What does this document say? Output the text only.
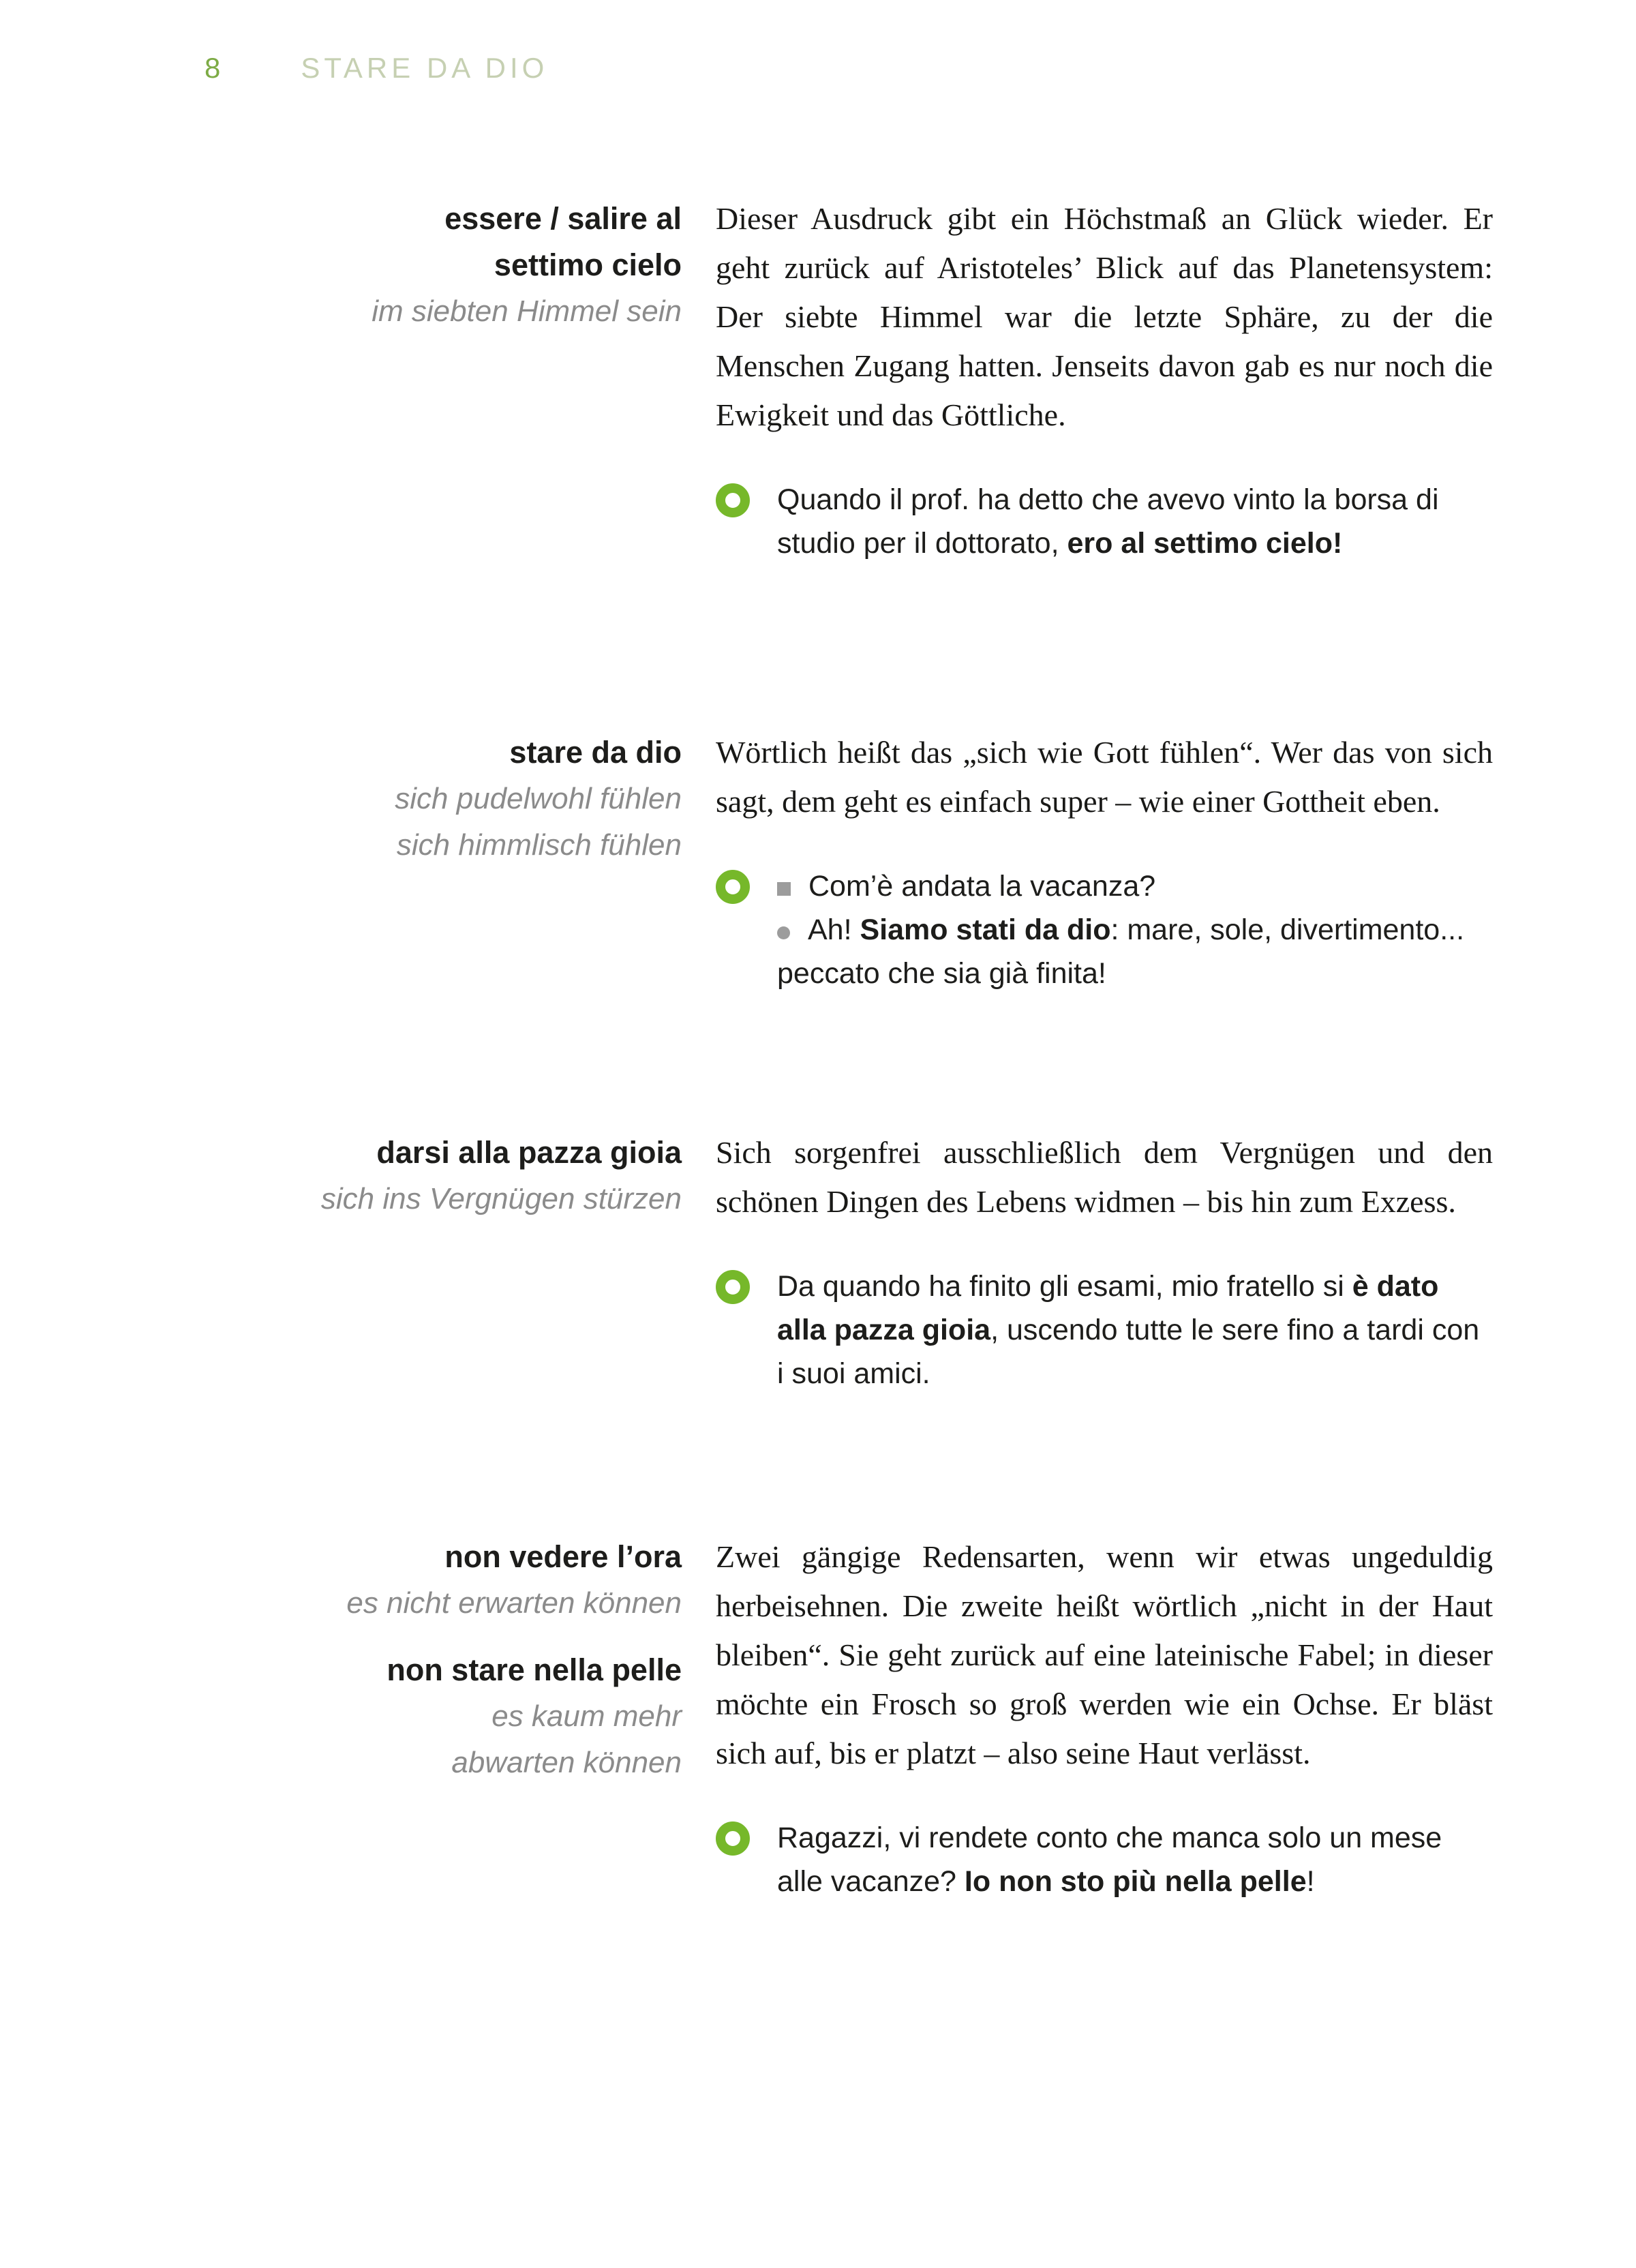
8	STARE DA DIO

essere / salire al

settimo cielo

im siebten Himmel sein

Dieser Ausdruck gibt ein Höchstmaß an Glück wieder. Er geht zurück auf Aristoteles’ Blick auf das Planetensystem: Der siebte Himmel war die letzte Sphäre, zu der die Menschen Zugang hatten. Jenseits davon gab es nur noch die Ewigkeit und das Göttliche.

Quando il prof. ha detto che avevo vinto la borsa di studio per il dottorato, ero al settimo cielo!

stare da dio

sich pudelwohl fühlen

sich himmlisch fühlen

Wörtlich heißt das „sich wie Gott fühlen“. Wer das von sich sagt, dem geht es einfach super – wie einer Gottheit eben.

Com’è andata la vacanza?

Ah! Siamo stati da dio: mare, sole, divertimento... peccato che sia già finita!

darsi alla pazza gioia

sich ins Vergnügen stürzen

Sich sorgenfrei ausschließlich dem Vergnügen und den schönen Dingen des Lebens widmen – bis hin zum Exzess.

Da quando ha finito gli esami, mio fratello si è dato alla pazza gioia, uscendo tutte le sere fino a tardi con i suoi amici.

non vedere l’ora

es nicht erwarten können

non stare nella pelle

es kaum mehr

abwarten können

Zwei gängige Redensarten, wenn wir etwas ungeduldig herbeisehnen. Die zweite heißt wörtlich „nicht in der Haut bleiben“. Sie geht zurück auf eine lateinische Fabel; in dieser möchte ein Frosch so groß werden wie ein Ochse. Er bläst sich auf, bis er platzt – also seine Haut verlässt.

Ragazzi, vi rendete conto che manca solo un mese alle vacanze? Io non sto più nella pelle!
